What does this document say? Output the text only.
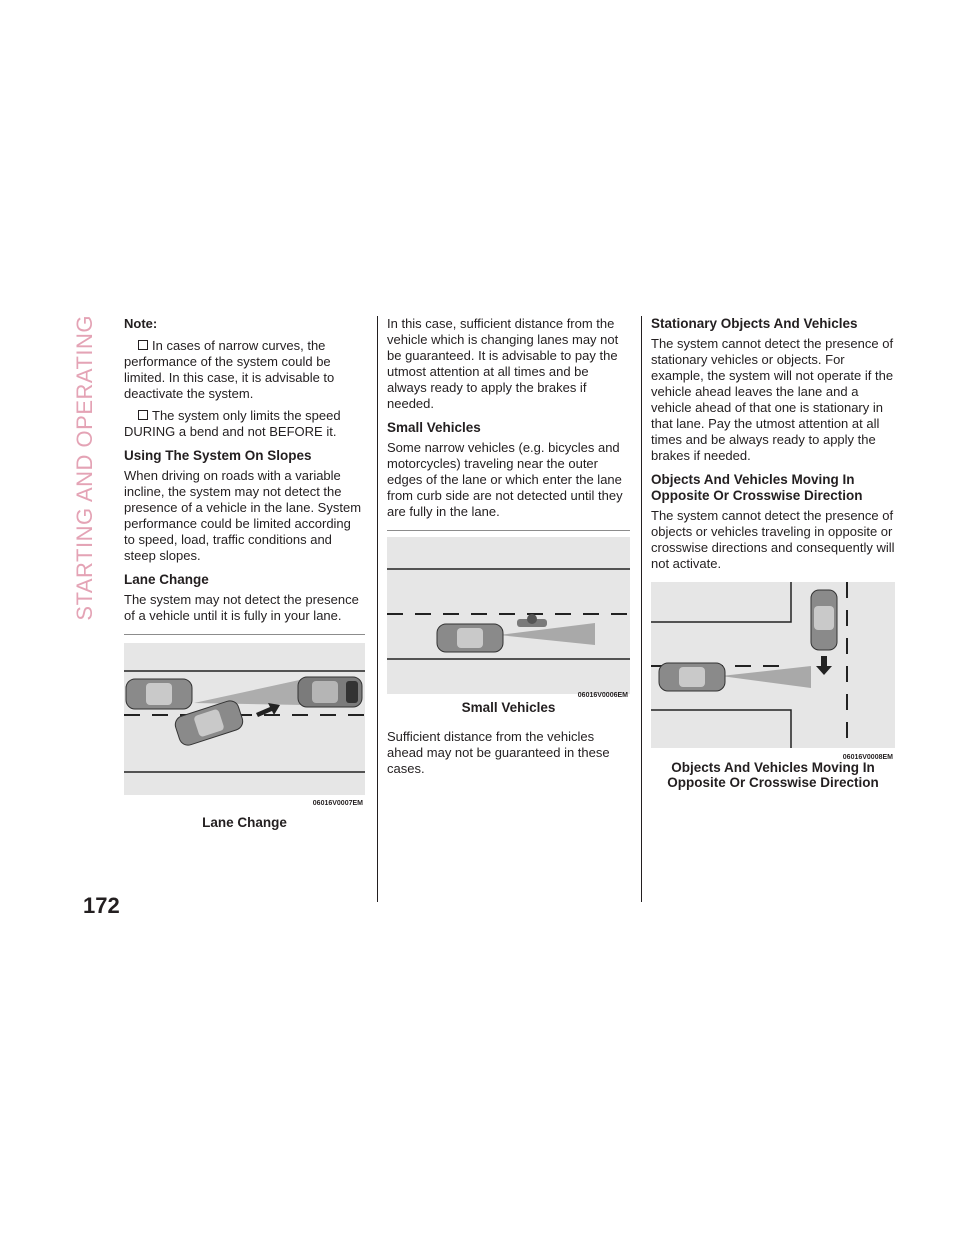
STARTING AND OPERATING
172

Note:

In cases of narrow curves, the performance of the system could be limited. In this case, it is advisable to deactivate the system.

The system only limits the speed DURING a bend and not BEFORE it.

Using The System On Slopes

When driving on roads with a variable incline, the system may not detect the presence of a vehicle in the lane. System performance could be limited according to speed, load, traffic conditions and steep slopes.

Lane Change

The system may not detect the presence of a vehicle until it is fully in your lane.

06016V0007EM
Lane Change

In this case, sufficient distance from the vehicle which is changing lanes may not be guaranteed. It is advisable to pay the utmost attention at all times and be always ready to apply the brakes if needed.

Small Vehicles

Some narrow vehicles (e.g. bicycles and motorcycles) traveling near the outer edges of the lane or which enter the lane from curb side are not detected until they are fully in the lane.

06016V0006EM
Small Vehicles

Sufficient distance from the vehicles ahead may not be guaranteed in these cases.

Stationary Objects And Vehicles

The system cannot detect the presence of stationary vehicles or objects. For example, the system will not operate if the vehicle ahead leaves the lane and a vehicle ahead of that one is stationary in that lane. Pay the utmost attention at all times and be always ready to apply the brakes if needed.

Objects And Vehicles Moving In Opposite Or Crosswise Direction

The system cannot detect the presence of objects or vehicles traveling in opposite or crosswise directions and consequently will not activate.

06016V0008EM
Objects And Vehicles Moving In Opposite Or Crosswise Direction
